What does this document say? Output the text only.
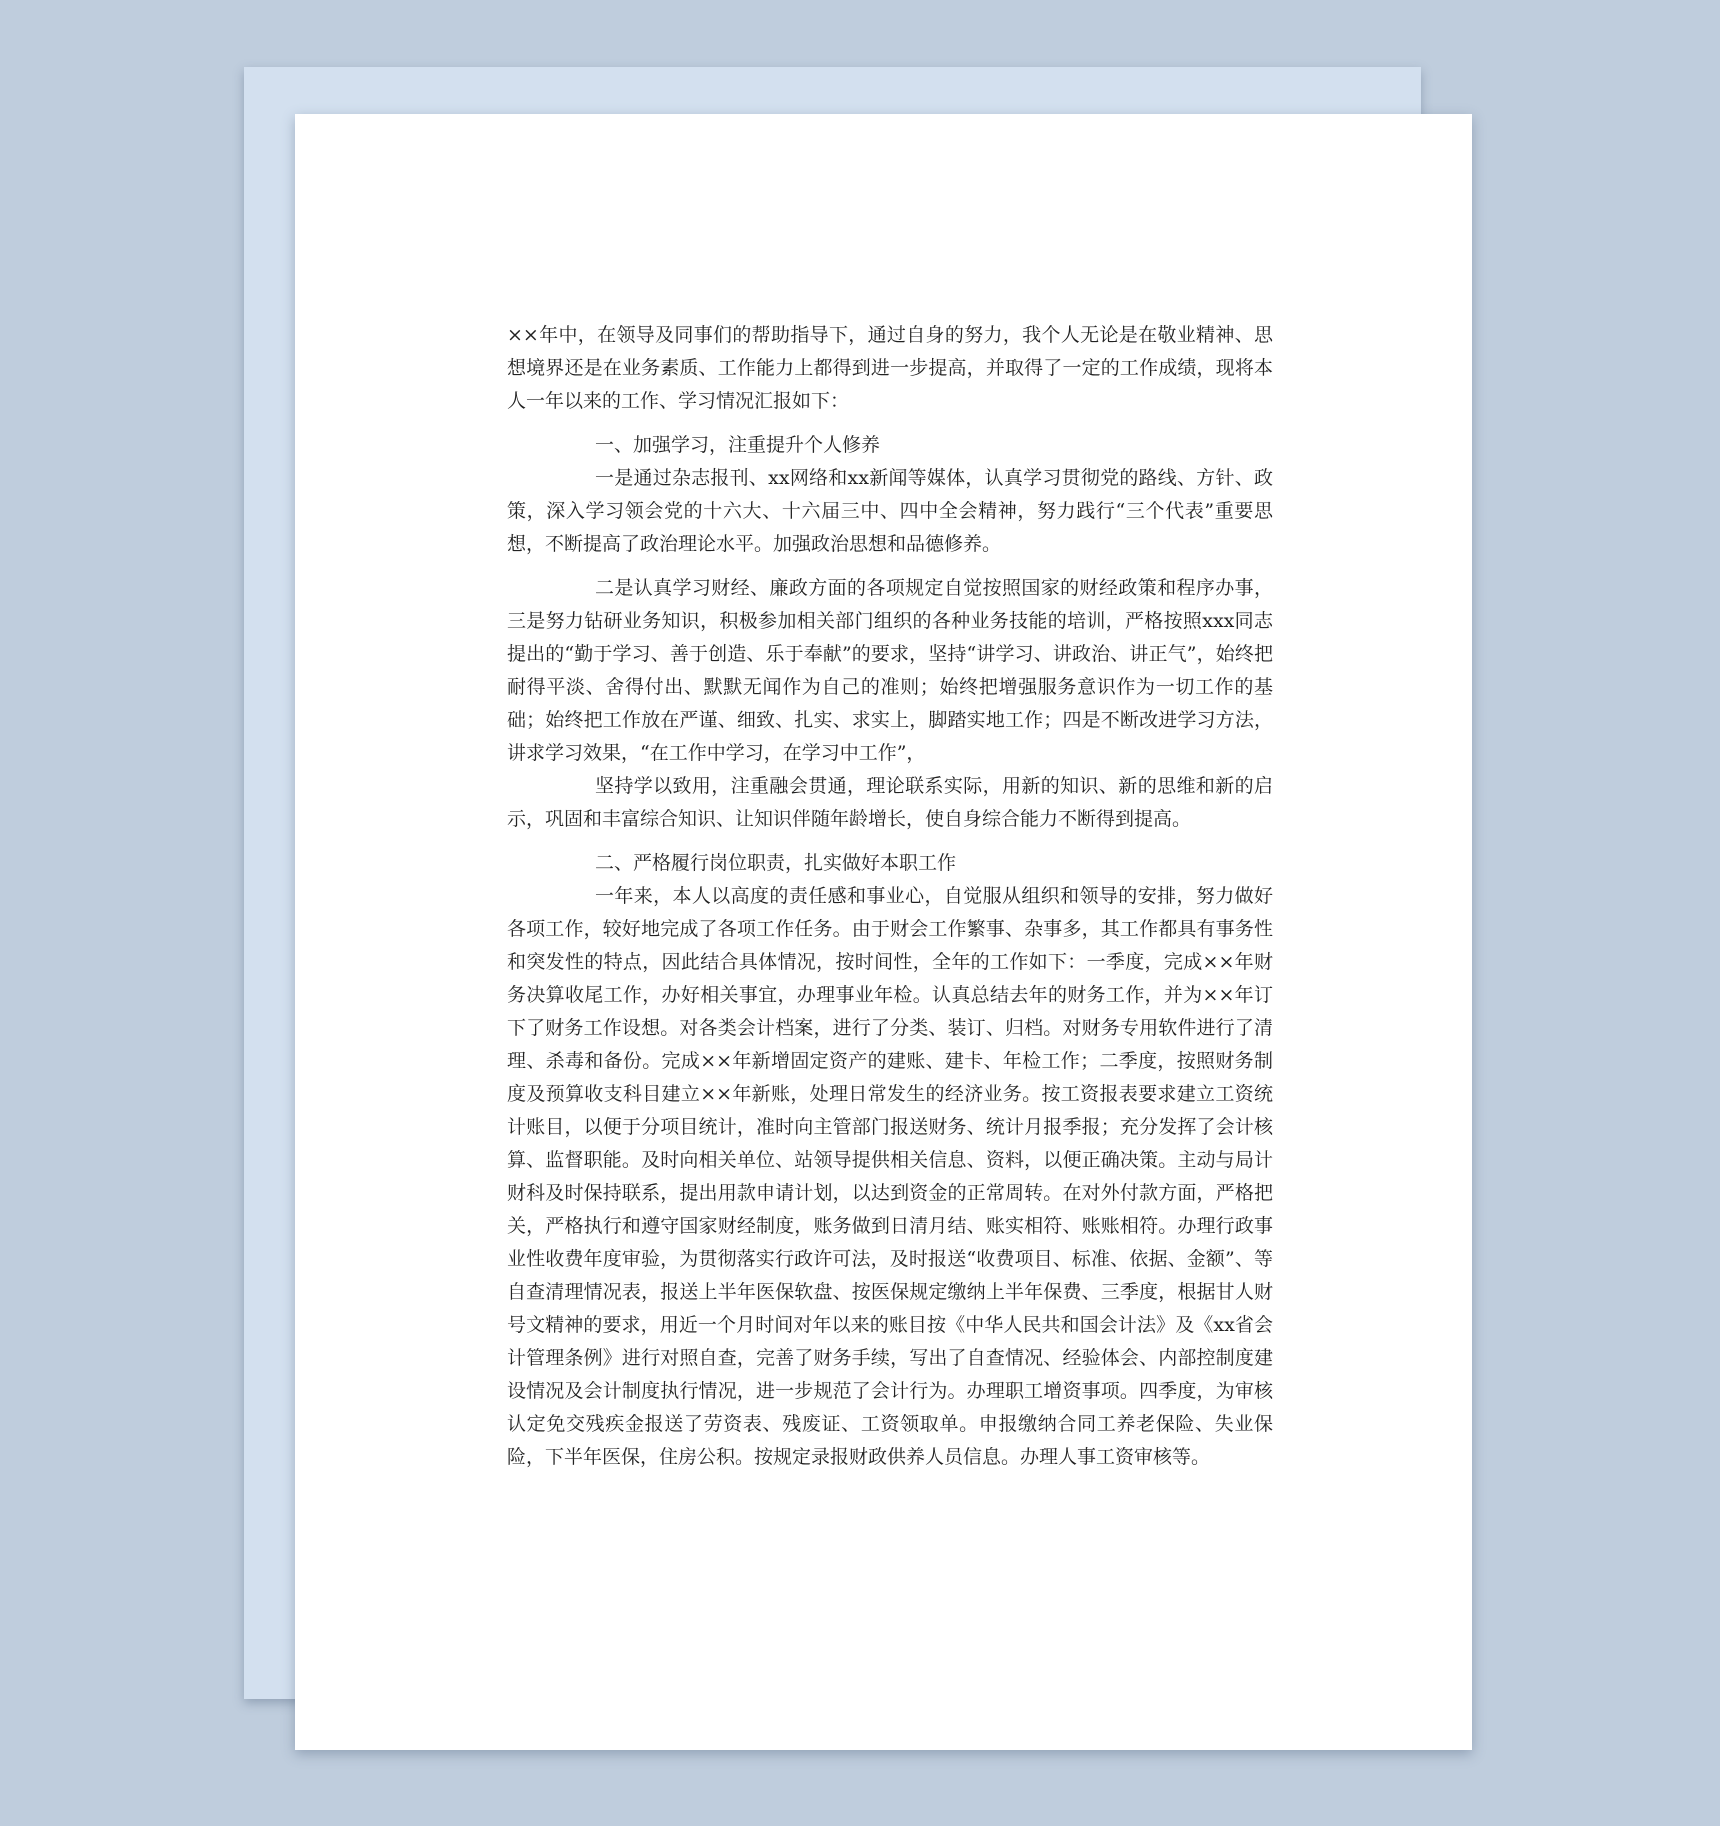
××年中，在领导及同事们的帮助指导下，通过自身的努力，我个人无论是在敬业精神、思想境界还是在业务素质、工作能力上都得到进一步提高，并取得了一定的工作成绩，现将本人一年以来的工作、学习情况汇报如下：

一、加强学习，注重提升个人修养

一是通过杂志报刊、xx网络和xx新闻等媒体，认真学习贯彻党的路线、方针、政策，深入学习领会党的十六大、十六届三中、四中全会精神，努力践行“三个代表”重要思想，不断提高了政治理论水平。加强政治思想和品德修养。

二是认真学习财经、廉政方面的各项规定自觉按照国家的财经政策和程序办事，三是努力钻研业务知识，积极参加相关部门组织的各种业务技能的培训，严格按照xxx同志提出的“勤于学习、善于创造、乐于奉献”的要求，坚持“讲学习、讲政治、讲正气”，始终把耐得平淡、舍得付出、默默无闻作为自己的准则；始终把增强服务意识作为一切工作的基础；始终把工作放在严谨、细致、扎实、求实上，脚踏实地工作；四是不断改进学习方法，讲求学习效果，“在工作中学习，在学习中工作”，

坚持学以致用，注重融会贯通，理论联系实际，用新的知识、新的思维和新的启示，巩固和丰富综合知识、让知识伴随年龄增长，使自身综合能力不断得到提高。

二、严格履行岗位职责，扎实做好本职工作

一年来，本人以高度的责任感和事业心，自觉服从组织和领导的安排，努力做好各项工作，较好地完成了各项工作任务。由于财会工作繁事、杂事多，其工作都具有事务性和突发性的特点，因此结合具体情况，按时间性，全年的工作如下：一季度，完成××年财务决算收尾工作，办好相关事宜，办理事业年检。认真总结去年的财务工作，并为××年订下了财务工作设想。对各类会计档案，进行了分类、装订、归档。对财务专用软件进行了清理、杀毒和备份。完成××年新增固定资产的建账、建卡、年检工作；二季度，按照财务制度及预算收支科目建立××年新账，处理日常发生的经济业务。按工资报表要求建立工资统计账目，以便于分项目统计，准时向主管部门报送财务、统计月报季报；充分发挥了会计核算、监督职能。及时向相关单位、站领导提供相关信息、资料，以便正确决策。主动与局计财科及时保持联系，提出用款申请计划，以达到资金的正常周转。在对外付款方面，严格把关，严格执行和遵守国家财经制度，账务做到日清月结、账实相符、账账相符。办理行政事业性收费年度审验，为贯彻落实行政许可法，及时报送“收费项目、标准、依据、金额”、等自查清理情况表，报送上半年医保软盘、按医保规定缴纳上半年保费、三季度，根据甘人财号文精神的要求，用近一个月时间对年以来的账目按《中华人民共和国会计法》及《xx省会计管理条例》进行对照自查，完善了财务手续，写出了自查情况、经验体会、内部控制度建设情况及会计制度执行情况，进一步规范了会计行为。办理职工增资事项。四季度，为审核认定免交残疾金报送了劳资表、残废证、工资领取单。申报缴纳合同工养老保险、失业保险，下半年医保，住房公积。按规定录报财政供养人员信息。办理人事工资审核等。
